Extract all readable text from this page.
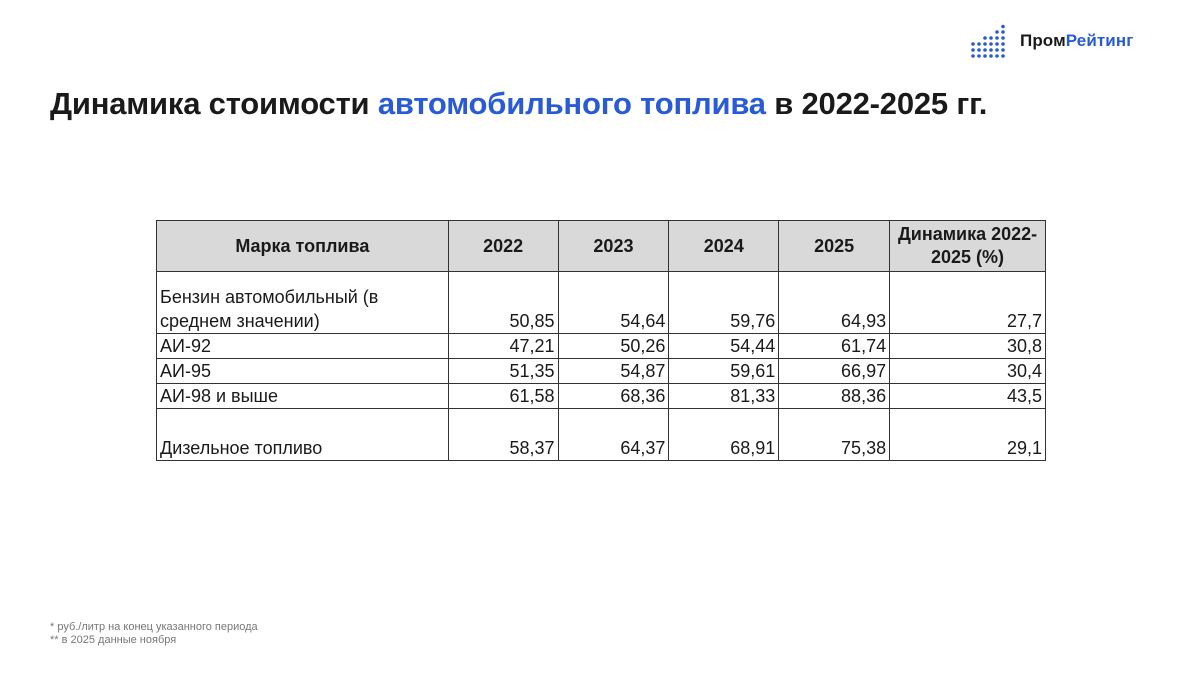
ПромРейтинг
Динамика стоимости автомобильного топлива в 2022-2025 гг.
Марка топлива	2022	2023	2024	2025	Динамика 2022-2025 (%)
Бензин автомобильный (в среднем значении)	50,85	54,64	59,76	64,93	27,7
АИ-92	47,21	50,26	54,44	61,74	30,8
АИ-95	51,35	54,87	59,61	66,97	30,4
АИ-98 и выше	61,58	68,36	81,33	88,36	43,5
Дизельное топливо	58,37	64,37	68,91	75,38	29,1
* руб./литр на конец указанного периода
** в 2025 данные ноября
